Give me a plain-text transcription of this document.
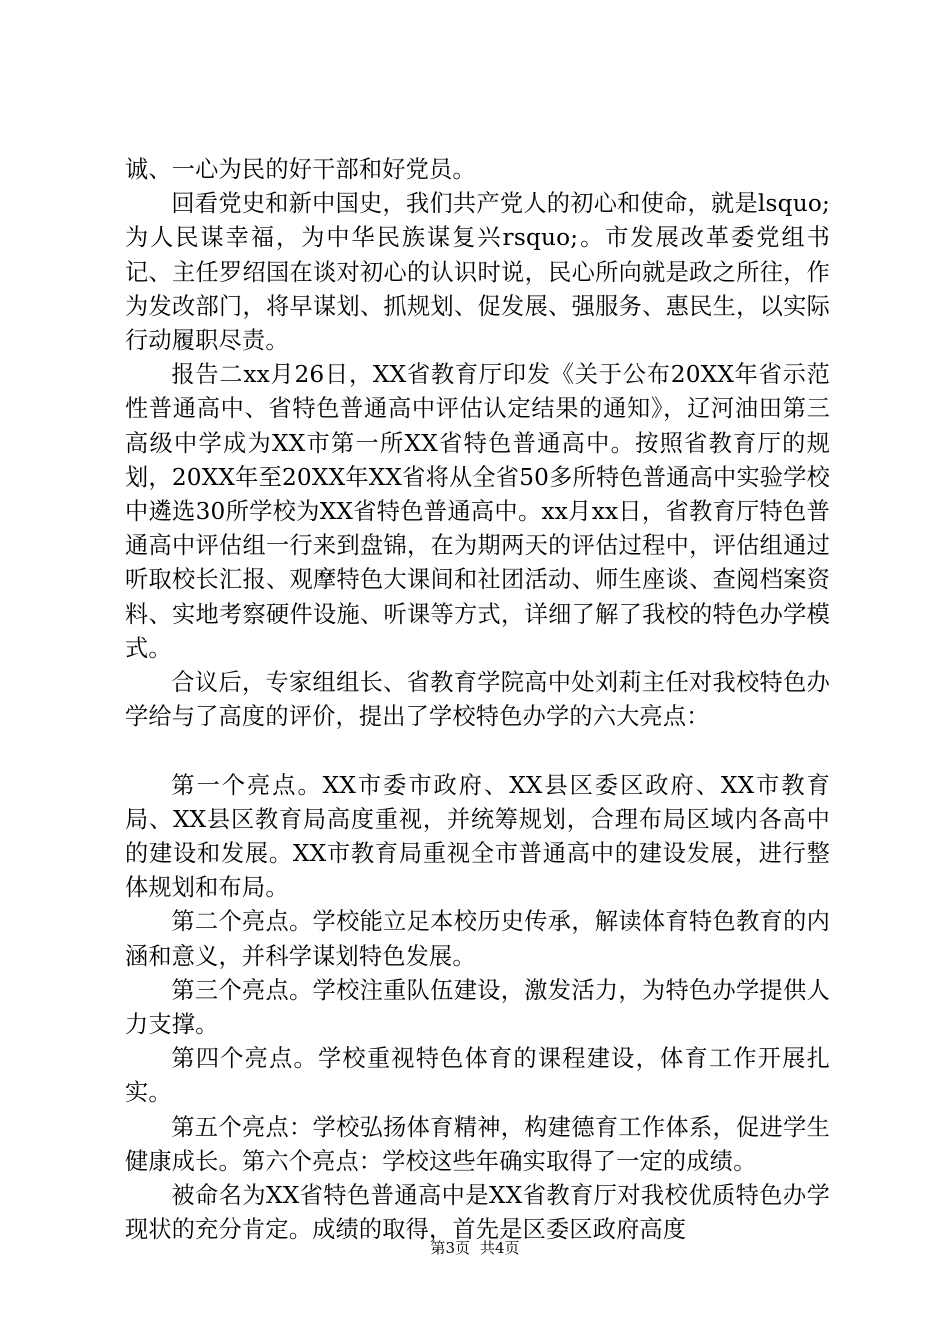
诚、一心为民的好干部和好党员。

回看党史和新中国史，我们共产党人的初心和使命，就是lsquo;为人民谋幸福，为中华民族谋复兴rsquo;。市发展改革委党组书记、主任罗绍国在谈对初心的认识时说，民心所向就是政之所往，作为发改部门，将早谋划、抓规划、促发展、强服务、惠民生，以实际行动履职尽责。

报告二xx月26日，XX省教育厅印发《关于公布20XX年省示范性普通高中、省特色普通高中评估认定结果的通知》，辽河油田第三高级中学成为XX市第一所XX省特色普通高中。按照省教育厅的规划，20XX年至20XX年XX省将从全省50多所特色普通高中实验学校中遴选30所学校为XX省特色普通高中。xx月xx日，省教育厅特色普通高中评估组一行来到盘锦，在为期两天的评估过程中，评估组通过听取校长汇报、观摩特色大课间和社团活动、师生座谈、查阅档案资料、实地考察硬件设施、听课等方式，详细了解了我校的特色办学模式。

合议后，专家组组长、省教育学院高中处刘莉主任对我校特色办学给与了高度的评价，提出了学校特色办学的六大亮点：

第一个亮点。XX市委市政府、XX县区委区政府、XX市教育局、XX县区教育局高度重视，并统筹规划，合理布局区域内各高中的建设和发展。XX市教育局重视全市普通高中的建设发展，进行整体规划和布局。

第二个亮点。学校能立足本校历史传承，解读体育特色教育的内涵和意义，并科学谋划特色发展。

第三个亮点。学校注重队伍建设，激发活力，为特色办学提供人力支撑。

第四个亮点。学校重视特色体育的课程建设，体育工作开展扎实。

第五个亮点：学校弘扬体育精神，构建德育工作体系，促进学生健康成长。第六个亮点：学校这些年确实取得了一定的成绩。

被命名为XX省特色普通高中是XX省教育厅对我校优质特色办学现状的充分肯定。成绩的取得，首先是区委区政府高度

第3页 共4页
